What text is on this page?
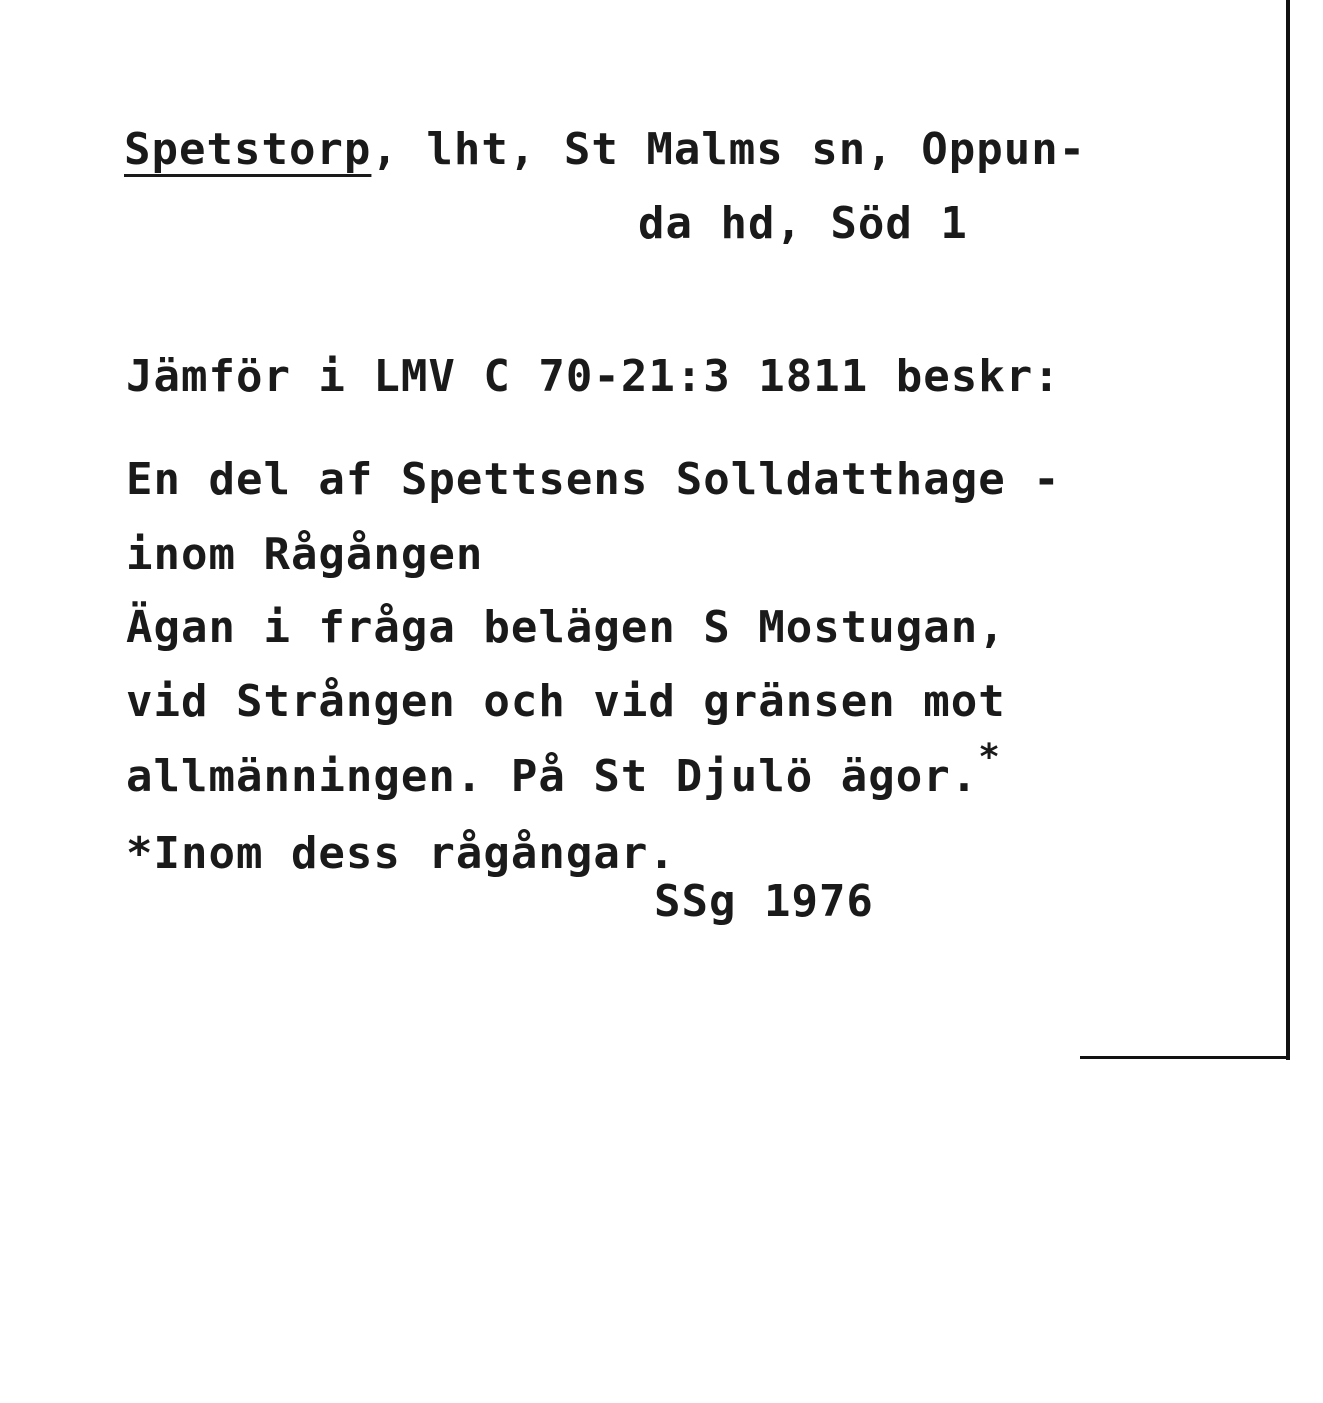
Spetstorp, lht, St Malms sn, Oppun-
da hd, Söd 1
Jämför i LMV C 70-21:3 1811 beskr:
En del af Spettsens Solldatthage -
inom Rågången
Ägan i fråga belägen S Mostugan,
vid Strången och vid gränsen mot
allmänningen. På St Djulö ägor.*
*Inom dess rågångar.
SSg 1976
